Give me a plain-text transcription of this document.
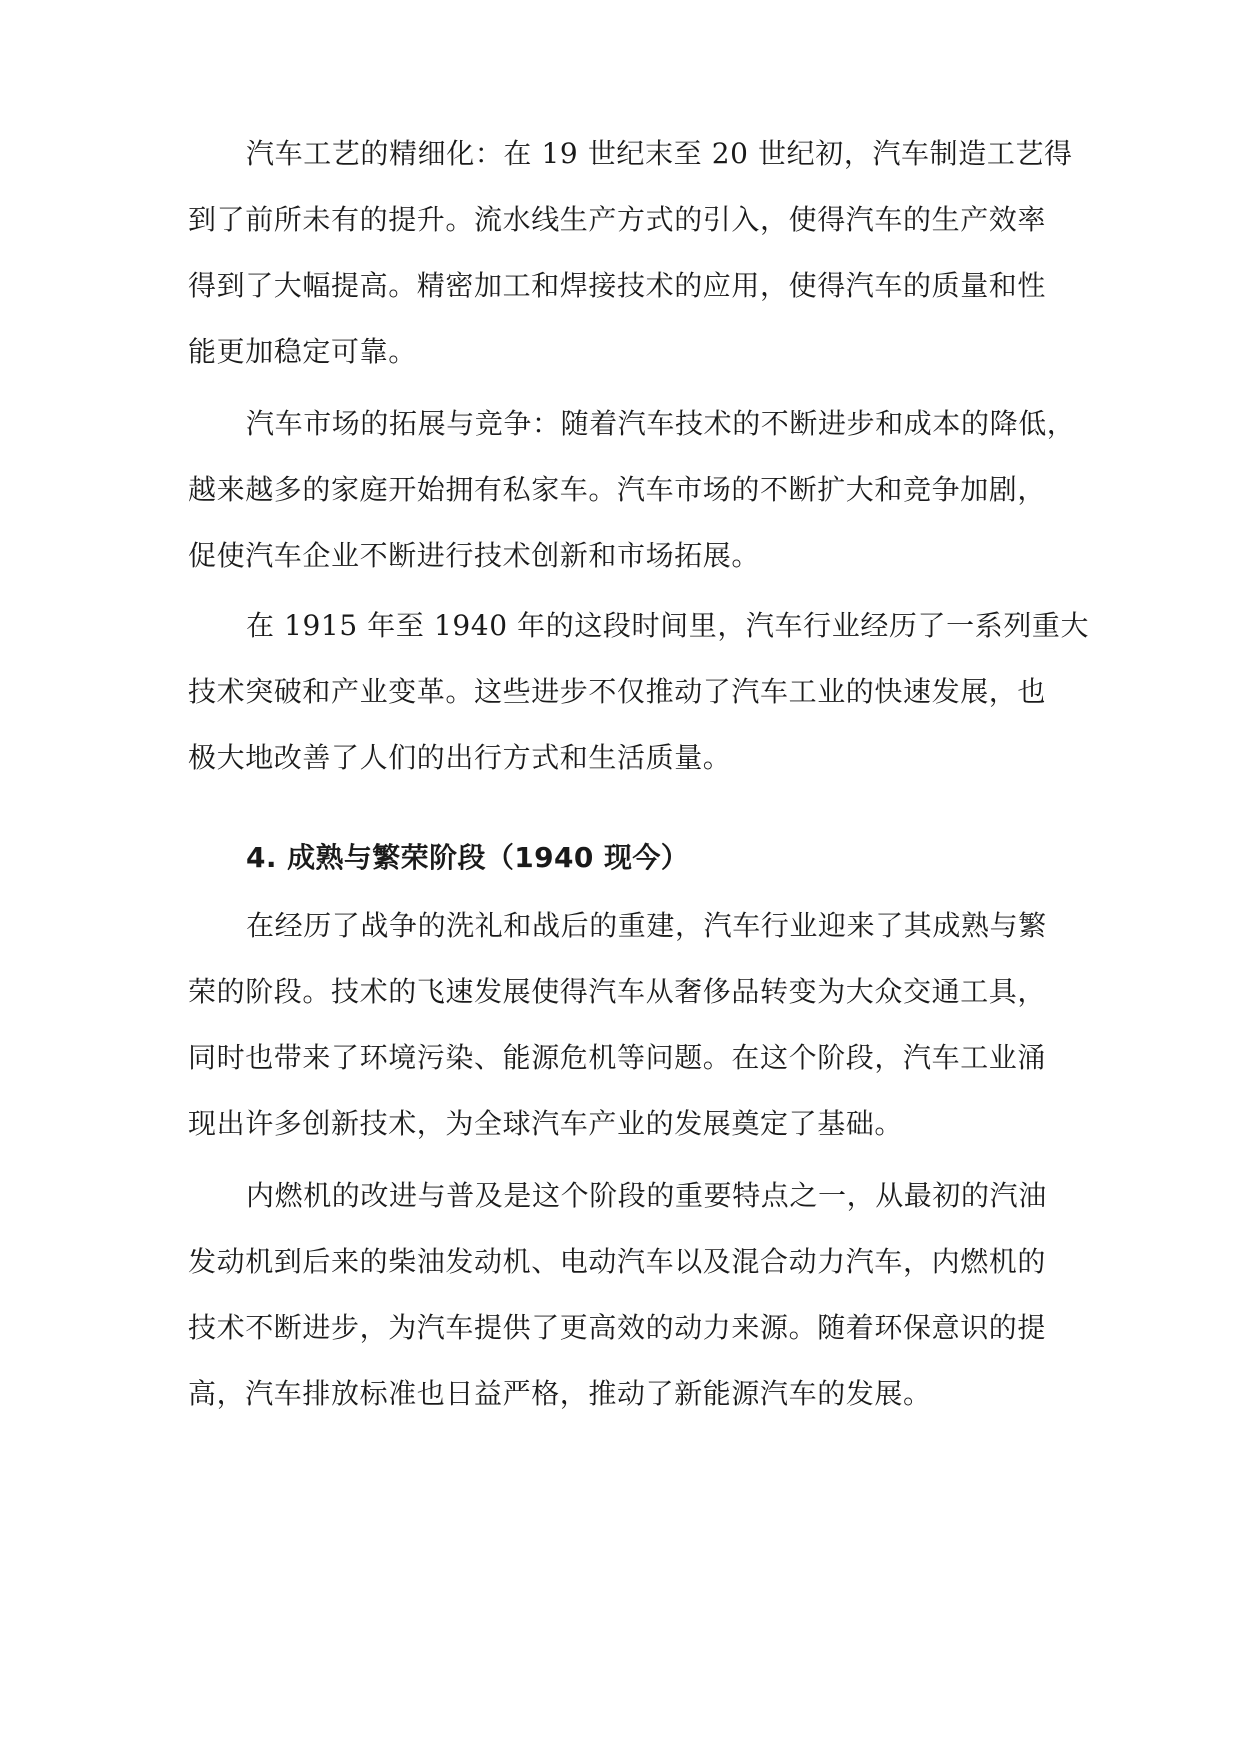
汽车工艺的精细化：在 19 世纪末至 20 世纪初，汽车制造工艺得
到了前所未有的提升。流水线生产方式的引入，使得汽车的生产效率
得到了大幅提高。精密加工和焊接技术的应用，使得汽车的质量和性
能更加稳定可靠。
汽车市场的拓展与竞争：随着汽车技术的不断进步和成本的降低，
越来越多的家庭开始拥有私家车。汽车市场的不断扩大和竞争加剧，
促使汽车企业不断进行技术创新和市场拓展。
在 1915 年至 1940 年的这段时间里，汽车行业经历了一系列重大
技术突破和产业变革。这些进步不仅推动了汽车工业的快速发展，也
极大地改善了人们的出行方式和生活质量。
4. 成熟与繁荣阶段（1940 现今）
在经历了战争的洗礼和战后的重建，汽车行业迎来了其成熟与繁
荣的阶段。技术的飞速发展使得汽车从奢侈品转变为大众交通工具，
同时也带来了环境污染、能源危机等问题。在这个阶段，汽车工业涌
现出许多创新技术，为全球汽车产业的发展奠定了基础。
内燃机的改进与普及是这个阶段的重要特点之一，从最初的汽油
发动机到后来的柴油发动机、电动汽车以及混合动力汽车，内燃机的
技术不断进步，为汽车提供了更高效的动力来源。随着环保意识的提
高，汽车排放标准也日益严格，推动了新能源汽车的发展。
